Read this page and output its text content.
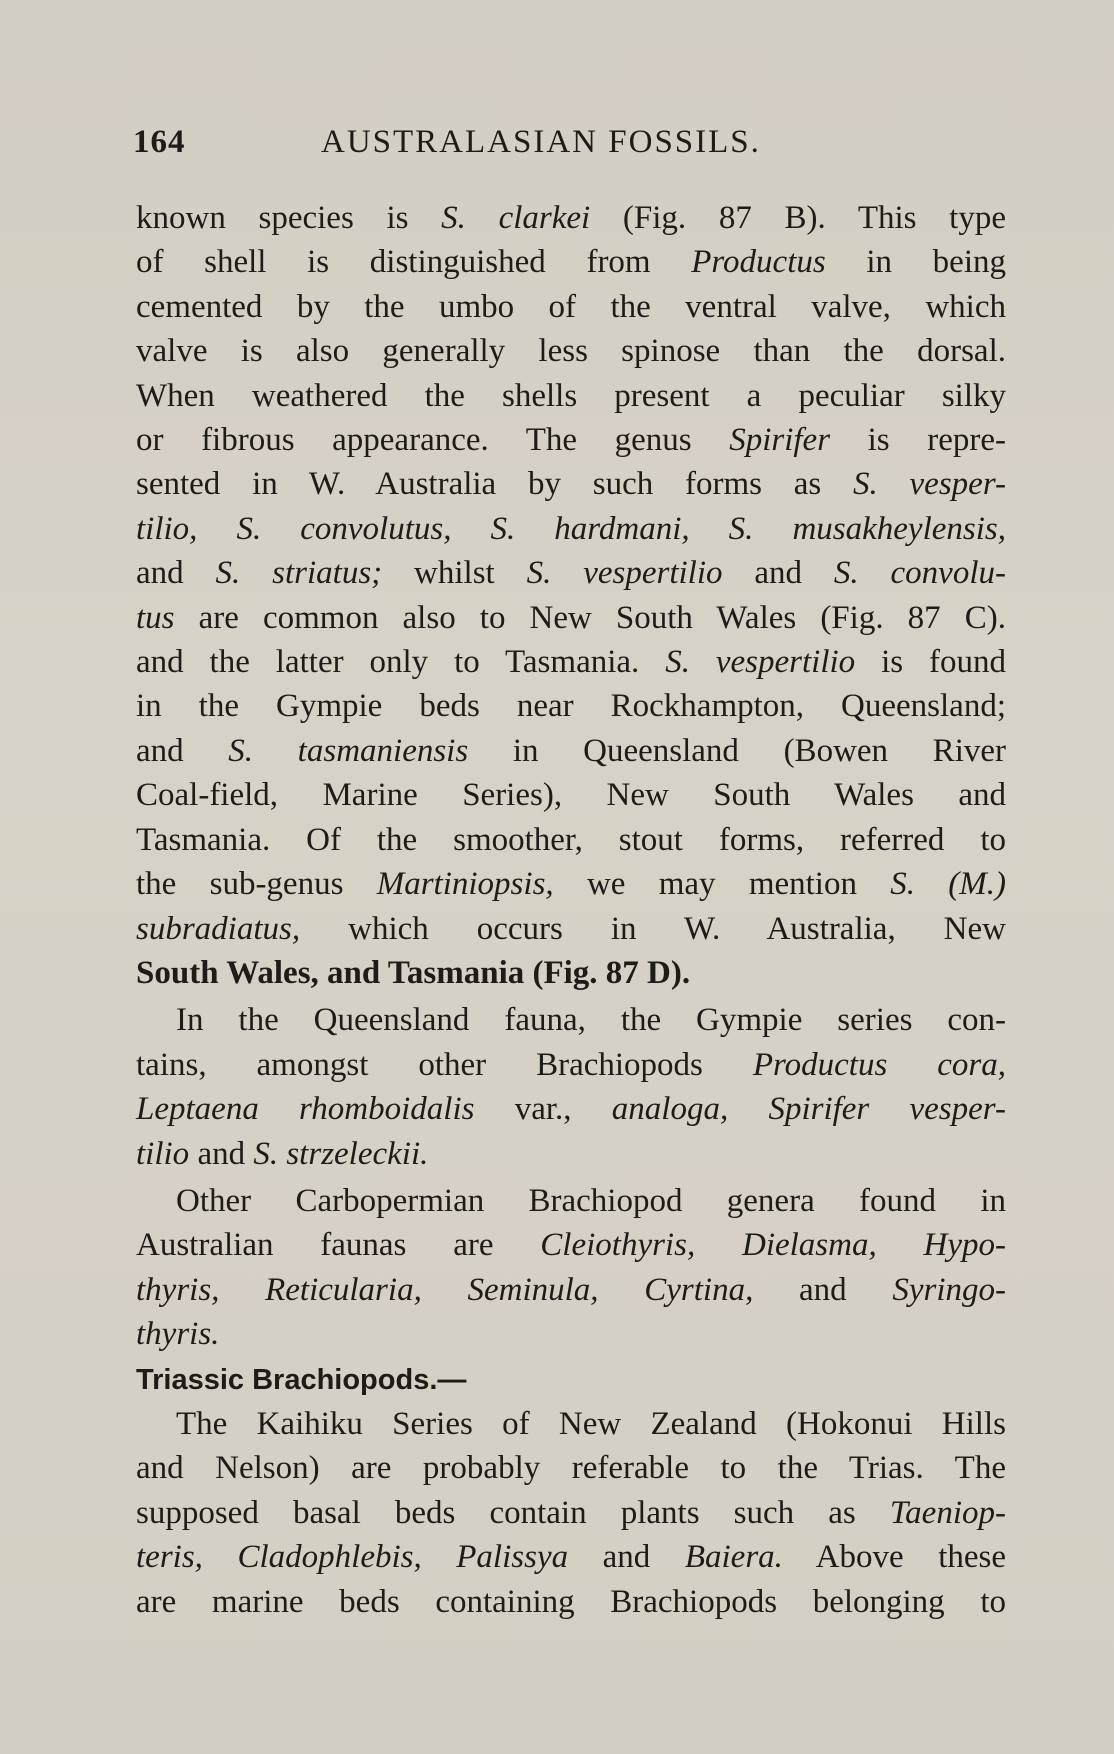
164	AUSTRALASIAN FOSSILS.
known species is S. clarkei (Fig. 87 B). This type
of shell is distinguished from Productus in being
cemented by the umbo of the ventral valve, which
valve is also generally less spinose than the dorsal.
When weathered the shells present a peculiar silky
or fibrous appearance. The genus Spirifer is repre-
sented in W. Australia by such forms as S. vesper-
tilio, S. convolutus, S. hardmani, S. musakheylensis,
and S. striatus; whilst S. vespertilio and S. convolu-
tus are common also to New South Wales (Fig. 87 C).
and the latter only to Tasmania. S. vespertilio is found
in the Gympie beds near Rockhampton, Queensland;
and S. tasmaniensis in Queensland (Bowen River
Coal-field, Marine Series), New South Wales and
Tasmania. Of the smoother, stout forms, referred to
the sub-genus Martiniopsis, we may mention S. (M.)
subradiatus, which occurs in W. Australia, New
South Wales, and Tasmania (Fig. 87 D).
In the Queensland fauna, the Gympie series con-
tains, amongst other Brachiopods Productus cora,
Leptaena rhomboidalis var., analoga, Spirifer vesper-
tilio and S. strzeleckii.
Other Carbopermian Brachiopod genera found in
Australian faunas are Cleiothyris, Dielasma, Hypo-
thyris, Reticularia, Seminula, Cyrtina, and Syringo-
thyris.
Triassic Brachiopods.—
The Kaihiku Series of New Zealand (Hokonui Hills
and Nelson) are probably referable to the Trias. The
supposed basal beds contain plants such as Taeniop-
teris, Cladophlebis, Palissya and Baiera. Above these
are marine beds containing Brachiopods belonging to
